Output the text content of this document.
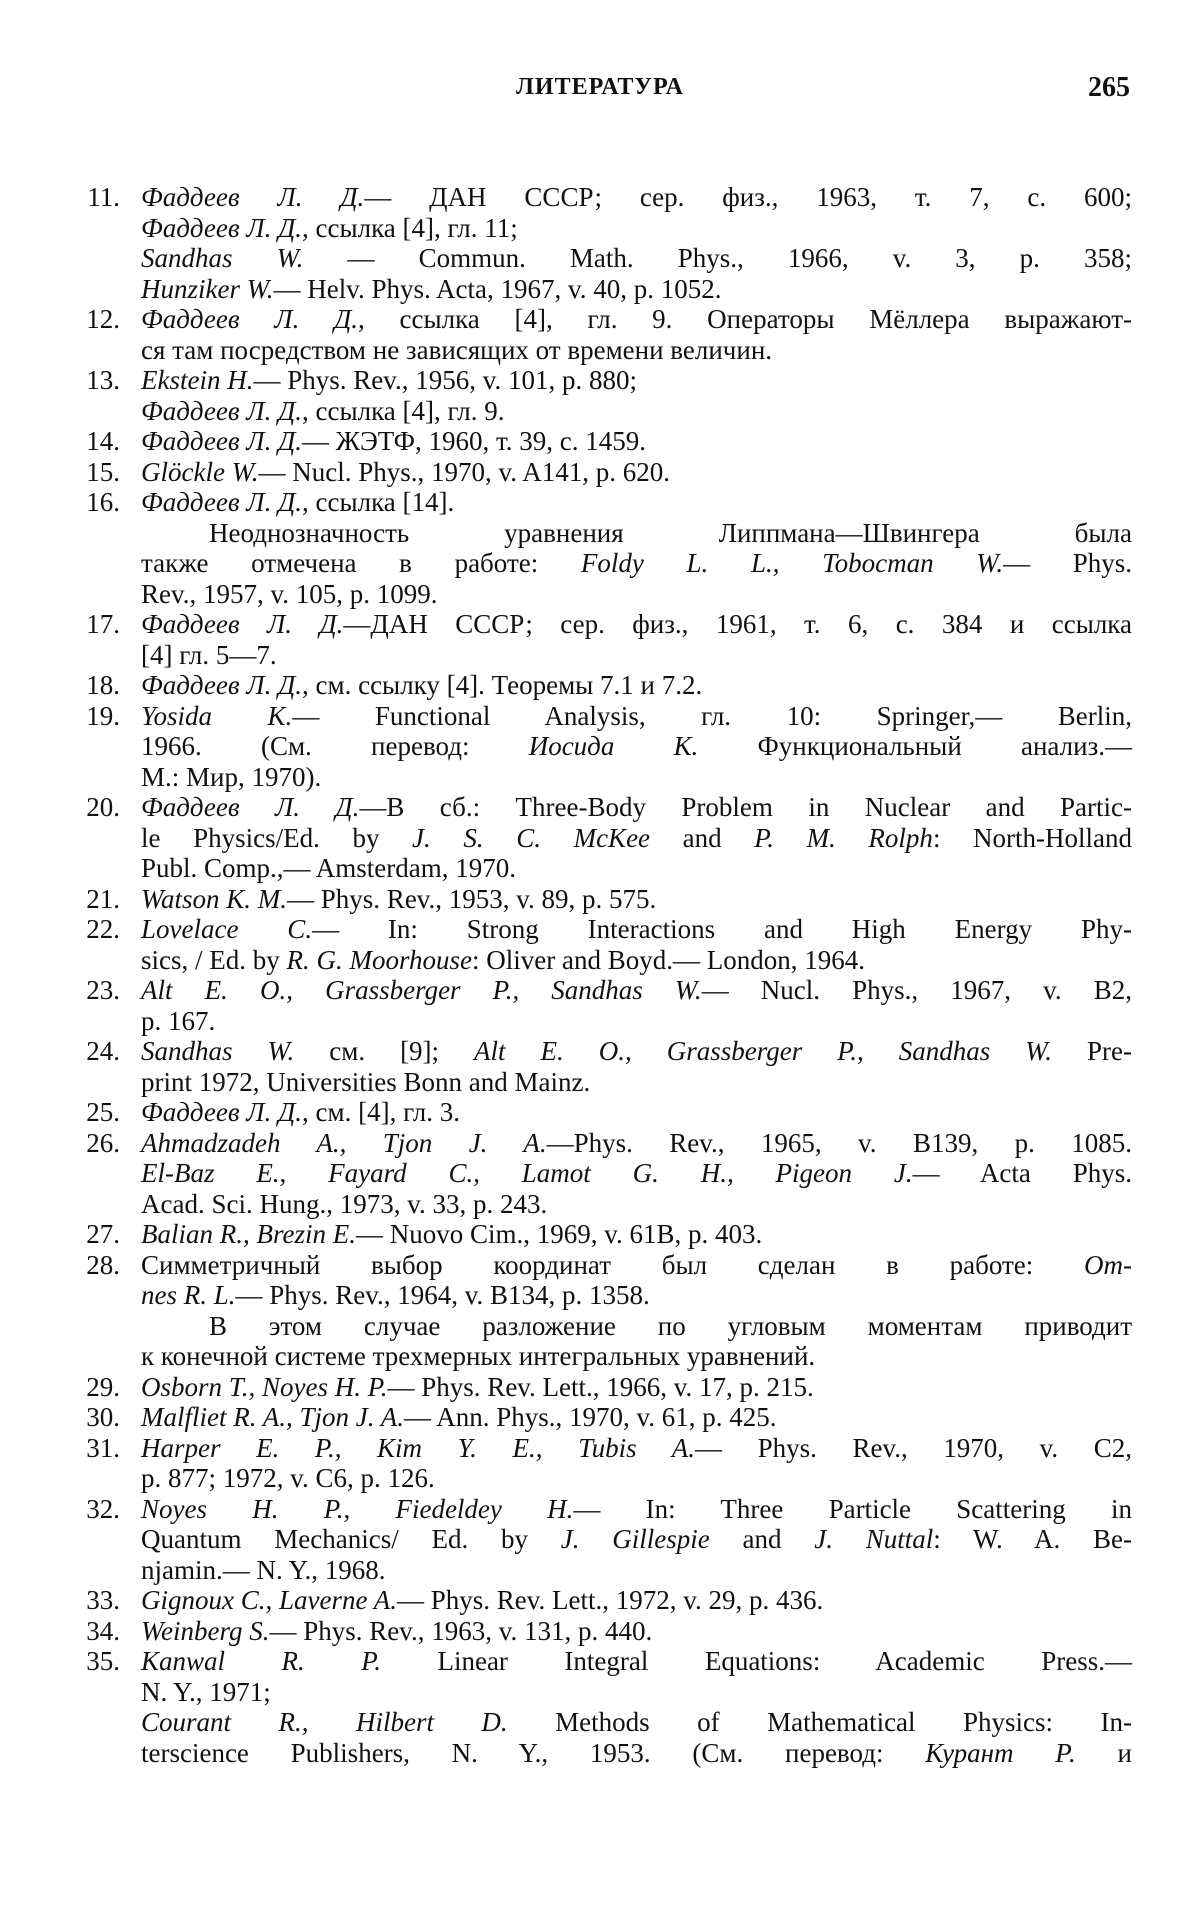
ЛИТЕРАТУРА	265
11. Фаддеев Л. Д.— ДАН СССР; сер. физ., 1963, т. 7, с. 600;
Фаддеев Л. Д., ссылка [4], гл. 11;
Sandhas W. — Commun. Math. Phys., 1966, v. 3, p. 358;
Hunziker W.— Helv. Phys. Acta, 1967, v. 40, p. 1052.
12. Фаддеев Л. Д., ссылка [4], гл. 9. Операторы Мёллера выражают-
ся там посредством не зависящих от времени величин.
13. Ekstein H.— Phys. Rev., 1956, v. 101, p. 880;
Фаддеев Л. Д., ссылка [4], гл. 9.
14. Фаддеев Л. Д.— ЖЭТФ, 1960, т. 39, с. 1459.
15. Glöckle W.— Nucl. Phys., 1970, v. A141, p. 620.
16. Фаддеев Л. Д., ссылка [14].
Неоднозначность уравнения Липпмана—Швингера была
также отмечена в работе: Foldy L. L., Tobocman W.— Phys.
Rev., 1957, v. 105, p. 1099.
17. Фаддеев Л. Д.—ДАН СССР; сер. физ., 1961, т. 6, с. 384 и ссылка
[4] гл. 5—7.
18. Фаддеев Л. Д., см. ссылку [4]. Теоремы 7.1 и 7.2.
19. Yosida K.— Functional Analysis, гл. 10: Springer,— Berlin,
1966. (См. перевод: Иосида К. Функциональный анализ.—
М.: Мир, 1970).
20. Фаддеев Л. Д.—В сб.: Three-Body Problem in Nuclear and Partic-
le Physics/Ed. by J. S. C. McKee and P. M. Rolph: North-Holland
Publ. Comp.,— Amsterdam, 1970.
21. Watson K. M.— Phys. Rev., 1953, v. 89, p. 575.
22. Lovelace C.— In: Strong Interactions and High Energy Phy-
sics, / Ed. by R. G. Moorhouse: Oliver and Boyd.— London, 1964.
23. Alt E. O., Grassberger P., Sandhas W.— Nucl. Phys., 1967, v. B2,
p. 167.
24. Sandhas W. см. [9]; Alt E. O., Grassberger P., Sandhas W. Pre-
print 1972, Universities Bonn and Mainz.
25. Фаддеев Л. Д., см. [4], гл. 3.
26. Ahmadzadeh A., Tjon J. A.—Phys. Rev., 1965, v. B139, p. 1085.
El-Baz E., Fayard C., Lamot G. H., Pigeon J.— Acta Phys.
Acad. Sci. Hung., 1973, v. 33, p. 243.
27. Balian R., Brezin E.— Nuovo Cim., 1969, v. 61B, p. 403.
28. Симметричный выбор координат был сделан в работе: Om-
nes R. L.— Phys. Rev., 1964, v. B134, p. 1358.
В этом случае разложение по угловым моментам приводит
к конечной системе трехмерных интегральных уравнений.
29. Osborn T., Noyes H. P.— Phys. Rev. Lett., 1966, v. 17, p. 215.
30. Malfliet R. A., Tjon J. A.— Ann. Phys., 1970, v. 61, p. 425.
31. Harper E. P., Kim Y. E., Tubis A.— Phys. Rev., 1970, v. C2,
p. 877; 1972, v. C6, p. 126.
32. Noyes H. P., Fiedeldey H.— In: Three Particle Scattering in
Quantum Mechanics/ Ed. by J. Gillespie and J. Nuttal: W. A. Be-
njamin.— N. Y., 1968.
33. Gignoux C., Laverne A.— Phys. Rev. Lett., 1972, v. 29, p. 436.
34. Weinberg S.— Phys. Rev., 1963, v. 131, p. 440.
35. Kanwal R. P. Linear Integral Equations: Academic Press.—
N. Y., 1971;
Courant R., Hilbert D. Methods of Mathematical Physics: In-
terscience Publishers, N. Y., 1953. (См. перевод: Курант Р. и
